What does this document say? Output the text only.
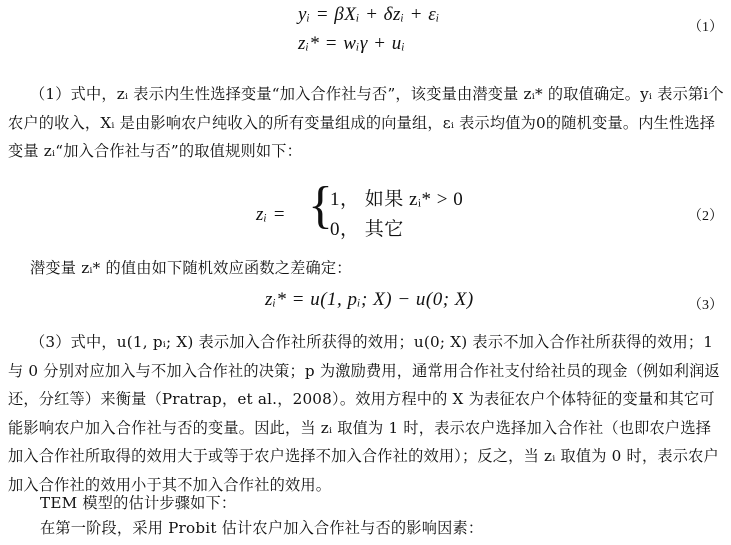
yᵢ = βXᵢ + δzᵢ + εᵢ
zᵢ* = wᵢγ + uᵢ
（1）

（1）式中，zᵢ 表示内生性选择变量“加入合作社与否”，该变量由潜变量 zᵢ* 的取值确定。yᵢ 表示第i个农户的收入，Xᵢ 是由影响农户纯收入的所有变量组成的向量组，εᵢ 表示均值为0的随机变量。内生性选择变量 zᵢ“加入合作社与否”的取值规则如下：

zᵢ = {
1， 如果 zᵢ* > 0
0， 其它
（2）

潜变量 zᵢ* 的值由如下随机效应函数之差确定：

zᵢ* = u(1, pᵢ; X) − u(0; X)	（3）

（3）式中，u(1, pᵢ; X) 表示加入合作社所获得的效用；u(0; X) 表示不加入合作社所获得的效用；1 与 0 分别对应加入与不加入合作社的决策；p 为激励费用，通常用合作社支付给社员的现金（例如利润返还，分红等）来衡量（Pratrap，et al.，2008）。效用方程中的 X 为表征农户个体特征的变量和其它可能影响农户加入合作社与否的变量。因此，当 zᵢ 取值为 1 时，表示农户选择加入合作社（也即农户选择加入合作社所取得的效用大于或等于农户选择不加入合作社的效用）；反之，当 zᵢ 取值为 0 时，表示农户加入合作社的效用小于其不加入合作社的效用。

TEM 模型的估计步骤如下：

在第一阶段，采用 Probit 估计农户加入合作社与否的影响因素：
